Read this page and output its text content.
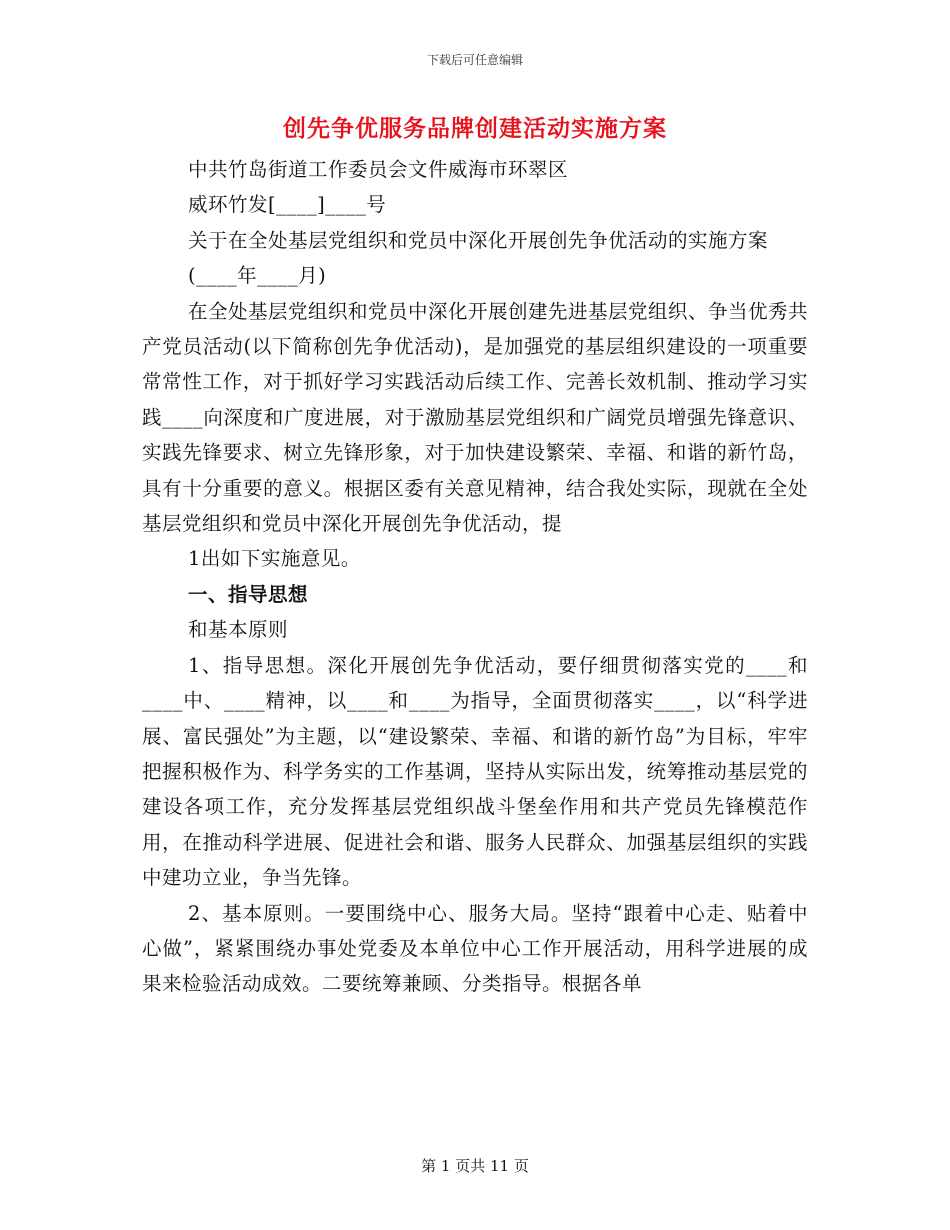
下载后可任意编辑
创先争优服务品牌创建活动实施方案

中共竹岛街道工作委员会文件威海市环翠区

威环竹发[____]____号

关于在全处基层党组织和党员中深化开展创先争优活动的实施方案

(____年____月)

在全处基层党组织和党员中深化开展创建先进基层党组织、争当优秀共产党员活动(以下简称创先争优活动)，是加强党的基层组织建设的一项重要常常性工作，对于抓好学习实践活动后续工作、完善长效机制、推动学习实践____向深度和广度进展，对于激励基层党组织和广阔党员增强先锋意识、实践先锋要求、树立先锋形象，对于加快建设繁荣、幸福、和谐的新竹岛，具有十分重要的意义。根据区委有关意见精神，结合我处实际，现就在全处基层党组织和党员中深化开展创先争优活动，提

1出如下实施意见。

一、指导思想

和基本原则

1、指导思想。深化开展创先争优活动，要仔细贯彻落实党的____和____中、____精神，以____和____为指导，全面贯彻落实____，以“科学进展、富民强处”为主题，以“建设繁荣、幸福、和谐的新竹岛”为目标，牢牢把握积极作为、科学务实的工作基调，坚持从实际出发，统筹推动基层党的建设各项工作，充分发挥基层党组织战斗堡垒作用和共产党员先锋模范作用，在推动科学进展、促进社会和谐、服务人民群众、加强基层组织的实践中建功立业，争当先锋。

2、基本原则。一要围绕中心、服务大局。坚持“跟着中心走、贴着中心做”，紧紧围绕办事处党委及本单位中心工作开展活动，用科学进展的成果来检验活动成效。二要统筹兼顾、分类指导。根据各单

第 1 页共 11 页
